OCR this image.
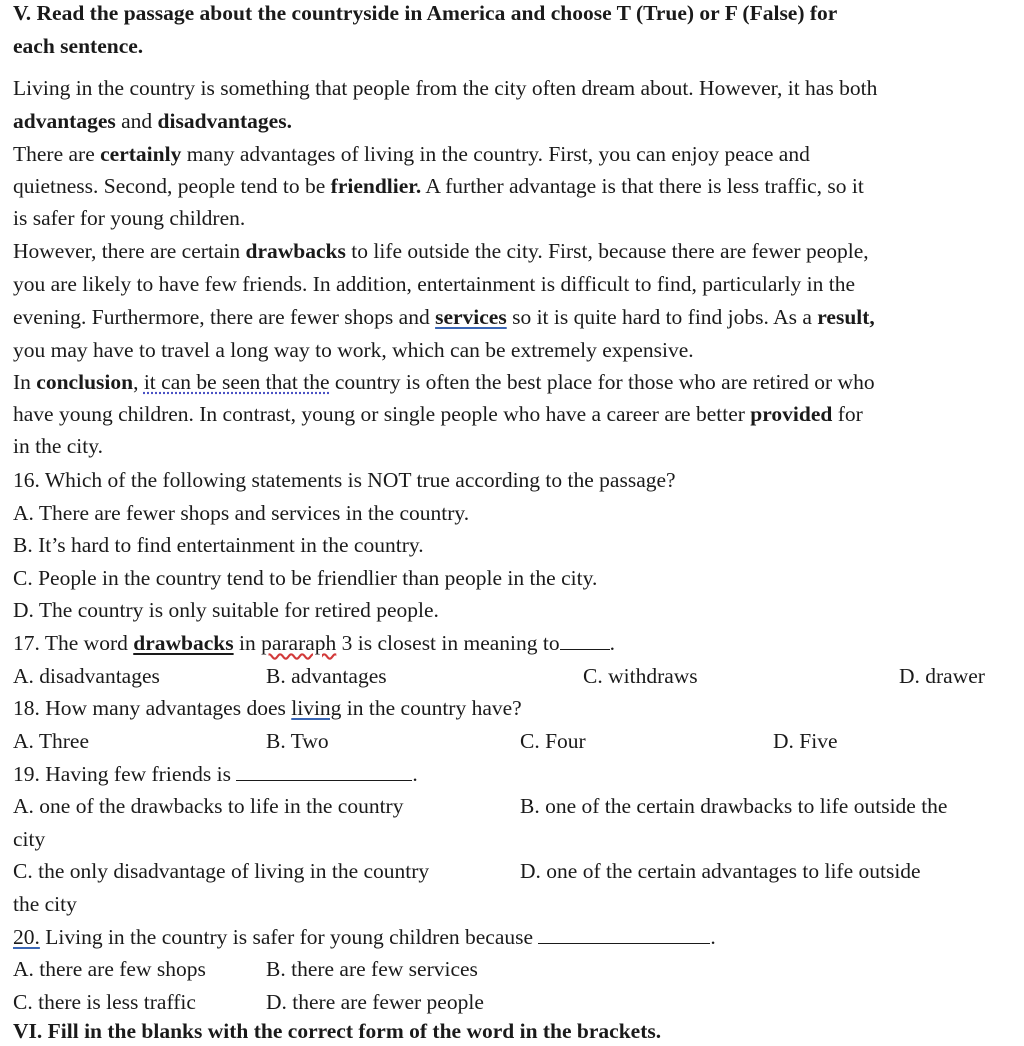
V. Read the passage about the countryside in America and choose T (True) or F (False) for
each sentence.
Living in the country is something that people from the city often dream about. However, it has both
advantages and disadvantages.
There are certainly many advantages of living in the country. First, you can enjoy peace and
quietness. Second, people tend to be friendlier. A further advantage is that there is less traffic, so it
is safer for young children.
However, there are certain drawbacks to life outside the city. First, because there are fewer people,
you are likely to have few friends. In addition, entertainment is difficult to find, particularly in the
evening. Furthermore, there are fewer shops and services so it is quite hard to find jobs. As a result,
you may have to travel a long way to work, which can be extremely expensive.
In conclusion, it can be seen that the country is often the best place for those who are retired or who
have young children. In contrast, young or single people who have a career are better provided for
in the city.
16. Which of the following statements is NOT true according to the passage?
A. There are fewer shops and services in the country.
B. It’s hard to find entertainment in the country.
C. People in the country tend to be friendlier than people in the city.
D. The country is only suitable for retired people.
17. The word drawbacks in pararaph 3 is closest in meaning to .
A. disadvantages	B. advantages	C. withdraws	D. drawer
18. How many advantages does living in the country have?
A. Three	B. Two	C. Four	D. Five
19. Having few friends is	.
A. one of the drawbacks to life in the country	B. one of the certain drawbacks to life outside the
city
C. the only disadvantage of living in the country	D. one of the certain advantages to life outside
the city
20. Living in the country is safer for young children because	.
A. there are few shops	B. there are few services
C. there is less traffic	D. there are fewer people
VI. Fill in the blanks with the correct form of the word in the brackets.
